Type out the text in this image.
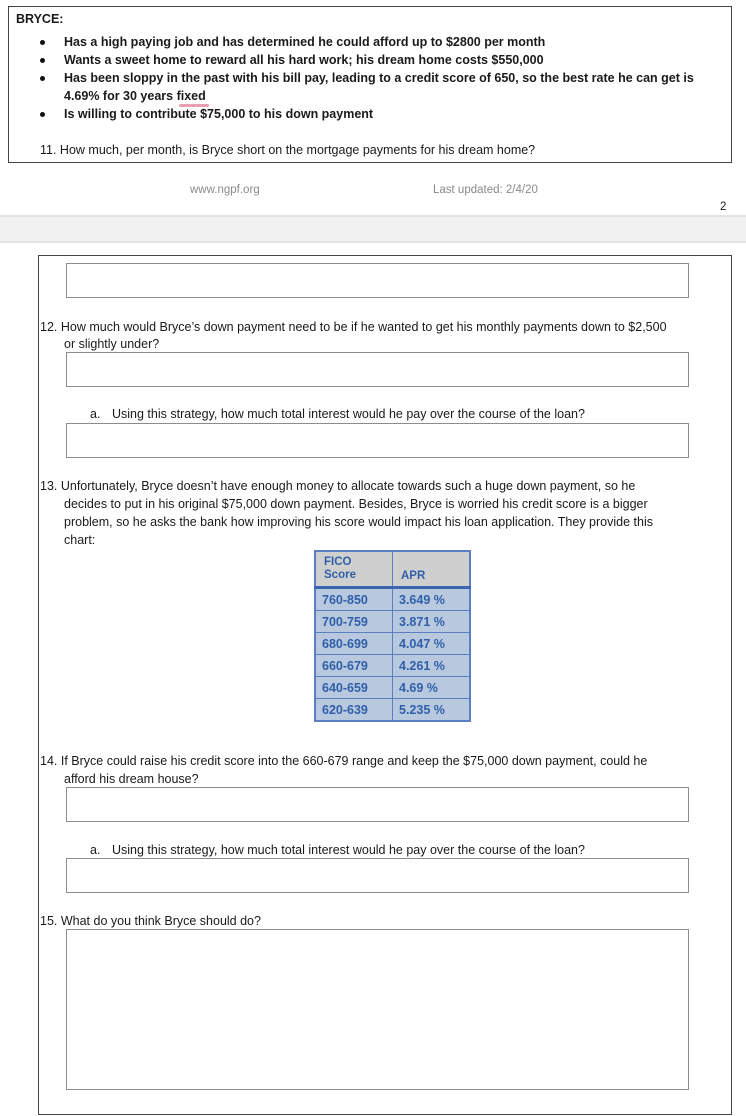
BRYCE:
Has a high paying job and has determined he could afford up to $2800 per month
Wants a sweet home to reward all his hard work; his dream home costs $550,000
Has been sloppy in the past with his bill pay, leading to a credit score of 650, so the best rate he can get is
4.69% for 30 years fixed
Is willing to contribute $75,000 to his down payment
11. How much, per month, is Bryce short on the mortgage payments for his dream home?
www.ngpf.org	Last updated: 2/4/20
2
12. How much would Bryce’s down payment need to be if he wanted to get his monthly payments down to $2,500
or slightly under?
a. Using this strategy, how much total interest would he pay over the course of the loan?
13. Unfortunately, Bryce doesn’t have enough money to allocate towards such a huge down payment, so he
decides to put in his original $75,000 down payment. Besides, Bryce is worried his credit score is a bigger
problem, so he asks the bank how improving his score would impact his loan application. They provide this
chart:
FICO
Score	APR
760-850	3.649 %
700-759	3.871 %
680-699	4.047 %
660-679	4.261 %
640-659	4.69 %
620-639	5.235 %
14. If Bryce could raise his credit score into the 660-679 range and keep the $75,000 down payment, could he
afford his dream house?
a. Using this strategy, how much total interest would he pay over the course of the loan?
15. What do you think Bryce should do?
